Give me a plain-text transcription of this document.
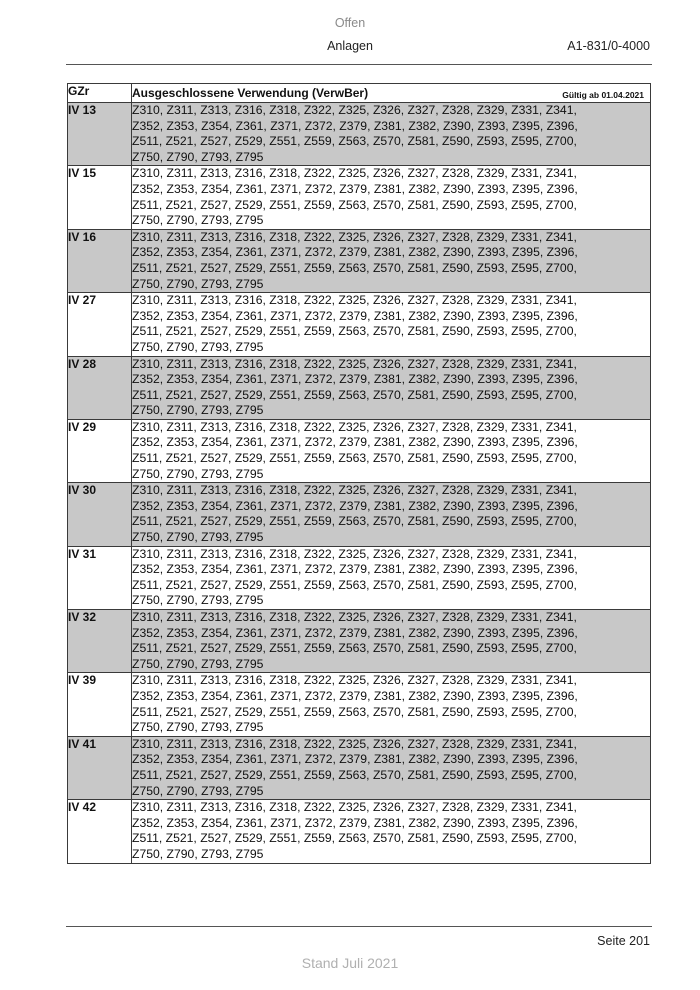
Offen
Anlagen	A1-831/0-4000
GZr	Ausgeschlossene Verwendung (VerwBer) Gültig ab 01.04.2021

IV 13	Z310, Z311, Z313, Z316, Z318, Z322, Z325, Z326, Z327, Z328, Z329, Z331, Z341,
Z352, Z353, Z354, Z361, Z371, Z372, Z379, Z381, Z382, Z390, Z393, Z395, Z396,
Z511, Z521, Z527, Z529, Z551, Z559, Z563, Z570, Z581, Z590, Z593, Z595, Z700,
Z750, Z790, Z793, Z795

IV 15	Z310, Z311, Z313, Z316, Z318, Z322, Z325, Z326, Z327, Z328, Z329, Z331, Z341,
Z352, Z353, Z354, Z361, Z371, Z372, Z379, Z381, Z382, Z390, Z393, Z395, Z396,
Z511, Z521, Z527, Z529, Z551, Z559, Z563, Z570, Z581, Z590, Z593, Z595, Z700,
Z750, Z790, Z793, Z795

IV 16	Z310, Z311, Z313, Z316, Z318, Z322, Z325, Z326, Z327, Z328, Z329, Z331, Z341,
Z352, Z353, Z354, Z361, Z371, Z372, Z379, Z381, Z382, Z390, Z393, Z395, Z396,
Z511, Z521, Z527, Z529, Z551, Z559, Z563, Z570, Z581, Z590, Z593, Z595, Z700,
Z750, Z790, Z793, Z795

IV 27	Z310, Z311, Z313, Z316, Z318, Z322, Z325, Z326, Z327, Z328, Z329, Z331, Z341,
Z352, Z353, Z354, Z361, Z371, Z372, Z379, Z381, Z382, Z390, Z393, Z395, Z396,
Z511, Z521, Z527, Z529, Z551, Z559, Z563, Z570, Z581, Z590, Z593, Z595, Z700,
Z750, Z790, Z793, Z795

IV 28	Z310, Z311, Z313, Z316, Z318, Z322, Z325, Z326, Z327, Z328, Z329, Z331, Z341,
Z352, Z353, Z354, Z361, Z371, Z372, Z379, Z381, Z382, Z390, Z393, Z395, Z396,
Z511, Z521, Z527, Z529, Z551, Z559, Z563, Z570, Z581, Z590, Z593, Z595, Z700,
Z750, Z790, Z793, Z795

IV 29	Z310, Z311, Z313, Z316, Z318, Z322, Z325, Z326, Z327, Z328, Z329, Z331, Z341,
Z352, Z353, Z354, Z361, Z371, Z372, Z379, Z381, Z382, Z390, Z393, Z395, Z396,
Z511, Z521, Z527, Z529, Z551, Z559, Z563, Z570, Z581, Z590, Z593, Z595, Z700,
Z750, Z790, Z793, Z795

IV 30	Z310, Z311, Z313, Z316, Z318, Z322, Z325, Z326, Z327, Z328, Z329, Z331, Z341,
Z352, Z353, Z354, Z361, Z371, Z372, Z379, Z381, Z382, Z390, Z393, Z395, Z396,
Z511, Z521, Z527, Z529, Z551, Z559, Z563, Z570, Z581, Z590, Z593, Z595, Z700,
Z750, Z790, Z793, Z795

IV 31	Z310, Z311, Z313, Z316, Z318, Z322, Z325, Z326, Z327, Z328, Z329, Z331, Z341,
Z352, Z353, Z354, Z361, Z371, Z372, Z379, Z381, Z382, Z390, Z393, Z395, Z396,
Z511, Z521, Z527, Z529, Z551, Z559, Z563, Z570, Z581, Z590, Z593, Z595, Z700,
Z750, Z790, Z793, Z795

IV 32	Z310, Z311, Z313, Z316, Z318, Z322, Z325, Z326, Z327, Z328, Z329, Z331, Z341,
Z352, Z353, Z354, Z361, Z371, Z372, Z379, Z381, Z382, Z390, Z393, Z395, Z396,
Z511, Z521, Z527, Z529, Z551, Z559, Z563, Z570, Z581, Z590, Z593, Z595, Z700,
Z750, Z790, Z793, Z795

IV 39	Z310, Z311, Z313, Z316, Z318, Z322, Z325, Z326, Z327, Z328, Z329, Z331, Z341,
Z352, Z353, Z354, Z361, Z371, Z372, Z379, Z381, Z382, Z390, Z393, Z395, Z396,
Z511, Z521, Z527, Z529, Z551, Z559, Z563, Z570, Z581, Z590, Z593, Z595, Z700,
Z750, Z790, Z793, Z795

IV 41	Z310, Z311, Z313, Z316, Z318, Z322, Z325, Z326, Z327, Z328, Z329, Z331, Z341,
Z352, Z353, Z354, Z361, Z371, Z372, Z379, Z381, Z382, Z390, Z393, Z395, Z396,
Z511, Z521, Z527, Z529, Z551, Z559, Z563, Z570, Z581, Z590, Z593, Z595, Z700,
Z750, Z790, Z793, Z795

IV 42	Z310, Z311, Z313, Z316, Z318, Z322, Z325, Z326, Z327, Z328, Z329, Z331, Z341,
Z352, Z353, Z354, Z361, Z371, Z372, Z379, Z381, Z382, Z390, Z393, Z395, Z396,
Z511, Z521, Z527, Z529, Z551, Z559, Z563, Z570, Z581, Z590, Z593, Z595, Z700,
Z750, Z790, Z793, Z795
Seite 201
Stand Juli 2021
